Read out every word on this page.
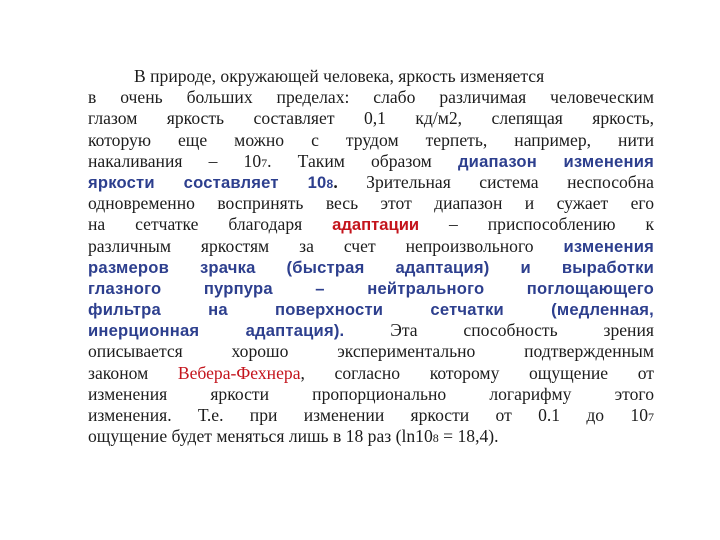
В природе, окружающей человека, яркость изменяется
в очень больших пределах: слабо различимая человеческим
глазом яркость составляет 0,1 кд/м2, слепящая яркость,
которую еще можно с трудом терпеть, например, нити
накаливания – 107. Таким образом диапазон изменения
яркости составляет 108. Зрительная система неспособна
одновременно воспринять весь этот диапазон и сужает его
на сетчатке благодаря адаптации – приспособлению к
различным яркостям за счет непроизвольного изменения
размеров зрачка (быстрая адаптация) и выработки
глазного пурпура – нейтрального поглощающего
фильтра на поверхности сетчатки (медленная,
инерционная адаптация). Эта способность зрения
описывается хорошо экспериментально подтвержденным
законом Вебера-Фехнера, согласно которому ощущение от
изменения яркости пропорционально логарифму этого
изменения. Т.е. при изменении яркости от 0.1 до 107
ощущение будет меняться лишь в 18 раз (ln108 = 18,4).
